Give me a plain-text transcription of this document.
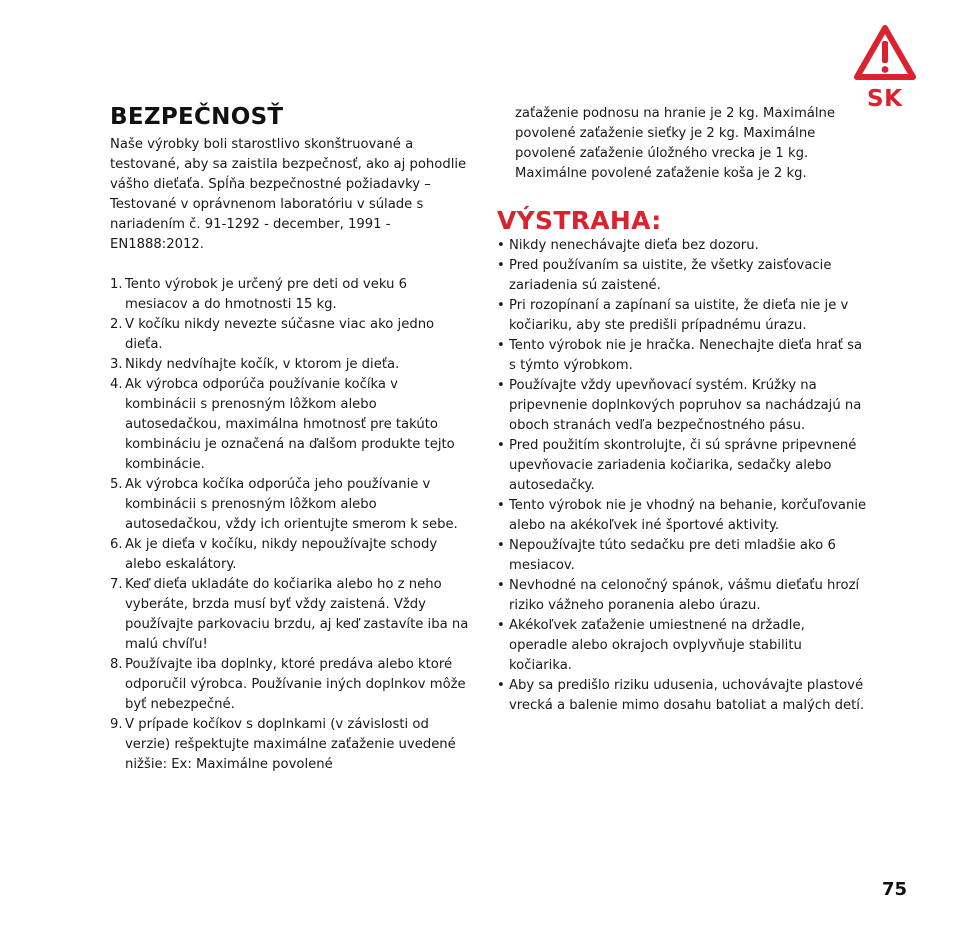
SK
BEZPEČNOSŤ

Naše výrobky boli starostlivo skonštruované a testované, aby sa zaistila bezpečnosť, ako aj pohodlie vášho dieťaťa. Spĺňa bezpečnostné požiadavky – Testované v oprávnenom laboratóriu v súlade s nariadením č. 91-1292 - december, 1991 - EN1888:2012.

1. Tento výrobok je určený pre deti od veku 6 mesiacov a do hmotnosti 15 kg.
2. V kočíku nikdy nevezte súčasne viac ako jedno dieťa.
3. Nikdy nedvíhajte kočík, v ktorom je dieťa.
4. Ak výrobca odporúča používanie kočíka v kombinácii s prenosným lôžkom alebo autosedačkou, maximálna hmotnosť pre takúto kombináciu je označená na ďalšom produkte tejto kombinácie.
5. Ak výrobca kočíka odporúča jeho používanie v kombinácii s prenosným lôžkom alebo autosedačkou, vždy ich orientujte smerom k sebe.
6. Ak je dieťa v kočíku, nikdy nepoužívajte schody alebo eskalátory.
7. Keď dieťa ukladáte do kočiarika alebo ho z neho vyberáte, brzda musí byť vždy zaistená. Vždy používajte parkovaciu brzdu, aj keď zastavíte iba na malú chvíľu!
8. Používajte iba doplnky, ktoré predáva alebo ktoré odporučil výrobca. Používanie iných doplnkov môže byť nebezpečné.
9. V prípade kočíkov s doplnkami (v závislosti od verzie) rešpektujte maximálne zaťaženie uvedené nižšie: Ex: Maximálne povolené

zaťaženie podnosu na hranie je 2 kg. Maximálne povolené zaťaženie sieťky je 2 kg. Maximálne povolené zaťaženie úložného vrecka je 1 kg. Maximálne povolené zaťaženie koša je 2 kg.

VÝSTRAHA:
• Nikdy nenechávajte dieťa bez dozoru.
• Pred používaním sa uistite, že všetky zaisťovacie zariadenia sú zaistené.
• Pri rozopínaní a zapínaní sa uistite, že dieťa nie je v kočiariku, aby ste predišli prípadnému úrazu.
• Tento výrobok nie je hračka. Nenechajte dieťa hrať sa s týmto výrobkom.
• Používajte vždy upevňovací systém. Krúžky na pripevnenie doplnkových popruhov sa nachádzajú na oboch stranách vedľa bezpečnostného pásu.
• Pred použitím skontrolujte, či sú správne pripevnené upevňovacie zariadenia kočiarika, sedačky alebo autosedačky.
• Tento výrobok nie je vhodný na behanie, korčuľovanie alebo na akékoľvek iné športové aktivity.
• Nepoužívajte túto sedačku pre deti mladšie ako 6 mesiacov.
• Nevhodné na celonočný spánok, vášmu dieťaťu hrozí riziko vážneho poranenia alebo úrazu.
• Akékoľvek zaťaženie umiestnené na držadle, operadle alebo okrajoch ovplyvňuje stabilitu kočiarika.
• Aby sa predišlo riziku udusenia, uchovávajte plastové vrecká a balenie mimo dosahu batoliat a malých detí.
75
